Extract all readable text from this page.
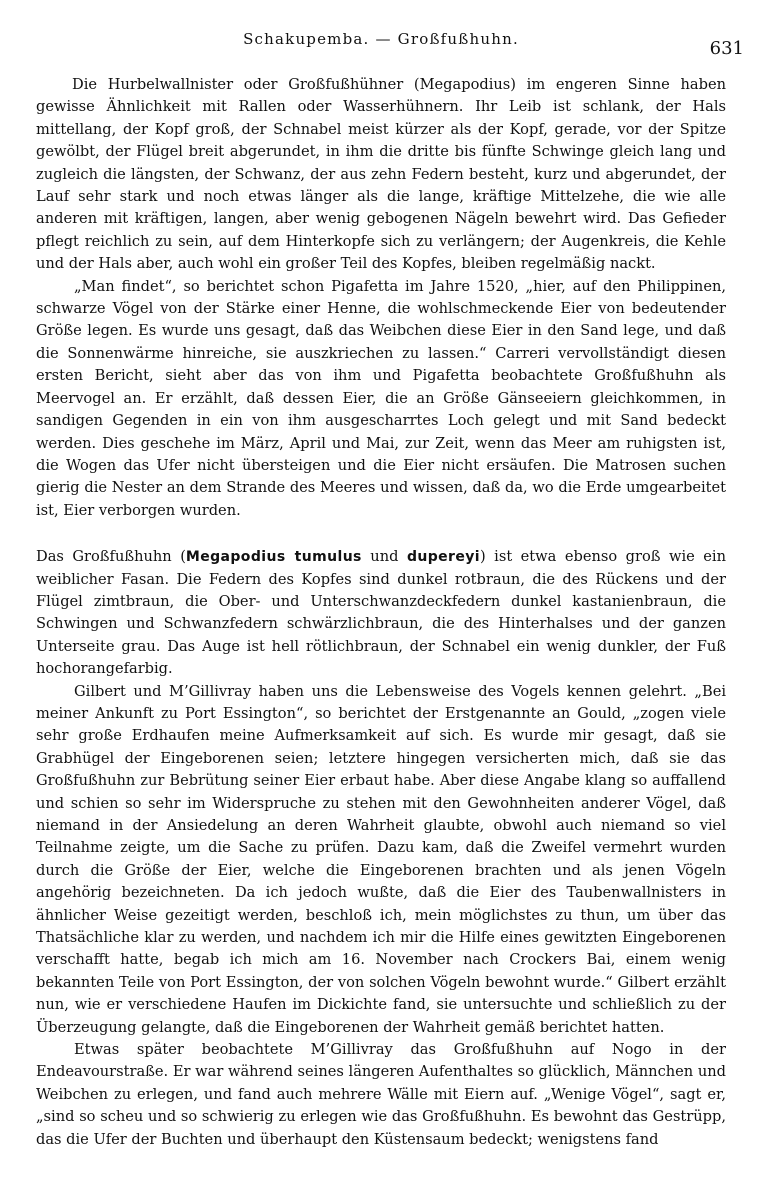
Schakupemba. — Großfußhuhn.	631

Die Hurbelwallnister oder Großfußhühner (Megapodius) im engeren Sinne haben gewisse Ähnlichkeit mit Rallen oder Wasserhühnern. Ihr Leib ist schlank, der Hals mittellang, der Kopf groß, der Schnabel meist kürzer als der Kopf, gerade, vor der Spitze gewölbt, der Flügel breit abgerundet, in ihm die dritte bis fünfte Schwinge gleich lang und zugleich die längsten, der Schwanz, der aus zehn Federn besteht, kurz und abgerundet, der Lauf sehr stark und noch etwas länger als die lange, kräftige Mittelzehe, die wie alle anderen mit kräftigen, langen, aber wenig gebogenen Nägeln bewehrt wird. Das Gefieder pflegt reichlich zu sein, auf dem Hinterkopfe sich zu verlängern; der Augenkreis, die Kehle und der Hals aber, auch wohl ein großer Teil des Kopfes, bleiben regelmäßig nackt.

„Man findet“, so berichtet schon Pigafetta im Jahre 1520, „hier, auf den Philippinen, schwarze Vögel von der Stärke einer Henne, die wohlschmeckende Eier von bedeutender Größe legen. Es wurde uns gesagt, daß das Weibchen diese Eier in den Sand lege, und daß die Sonnenwärme hinreiche, sie auszkriechen zu lassen.“ Carreri vervollständigt diesen ersten Bericht, sieht aber das von ihm und Pigafetta beobachtete Großfußhuhn als Meervogel an. Er erzählt, daß dessen Eier, die an Größe Gänseeiern gleichkommen, in sandigen Gegenden in ein von ihm ausgescharrtes Loch gelegt und mit Sand bedeckt werden. Dies geschehe im März, April und Mai, zur Zeit, wenn das Meer am ruhigsten ist, die Wogen das Ufer nicht übersteigen und die Eier nicht ersäufen. Die Matrosen suchen gierig die Nester an dem Strande des Meeres und wissen, daß da, wo die Erde umgearbeitet ist, Eier verborgen wurden.

Das Großfußhuhn (Megapodius tumulus und dupereyi) ist etwa ebenso groß wie ein weiblicher Fasan. Die Federn des Kopfes sind dunkel rotbraun, die des Rückens und der Flügel zimtbraun, die Ober- und Unterschwanzdeckfedern dunkel kastanienbraun, die Schwingen und Schwanzfedern schwärzlichbraun, die des Hinterhalses und der ganzen Unterseite grau. Das Auge ist hell rötlichbraun, der Schnabel ein wenig dunkler, der Fuß hochorangefarbig.

Gilbert und M’Gillivray haben uns die Lebensweise des Vogels kennen gelehrt. „Bei meiner Ankunft zu Port Essington“, so berichtet der Erstgenannte an Gould, „zogen viele sehr große Erdhaufen meine Aufmerksamkeit auf sich. Es wurde mir gesagt, daß sie Grabhügel der Eingeborenen seien; letztere hingegen versicherten mich, daß sie das Großfußhuhn zur Bebrütung seiner Eier erbaut habe. Aber diese Angabe klang so auffallend und schien so sehr im Widerspruche zu stehen mit den Gewohnheiten anderer Vögel, daß niemand in der Ansiedelung an deren Wahrheit glaubte, obwohl auch niemand so viel Teilnahme zeigte, um die Sache zu prüfen. Dazu kam, daß die Zweifel vermehrt wurden durch die Größe der Eier, welche die Eingeborenen brachten und als jenen Vögeln angehörig bezeichneten. Da ich jedoch wußte, daß die Eier des Taubenwallnisters in ähnlicher Weise gezeitigt werden, beschloß ich, mein möglichstes zu thun, um über das Thatsächliche klar zu werden, und nachdem ich mir die Hilfe eines gewitzten Eingeborenen verschafft hatte, begab ich mich am 16. November nach Crockers Bai, einem wenig bekannten Teile von Port Essington, der von solchen Vögeln bewohnt wurde.“ Gilbert erzählt nun, wie er verschiedene Haufen im Dickichte fand, sie untersuchte und schließlich zu der Überzeugung gelangte, daß die Eingeborenen der Wahrheit gemäß berichtet hatten.

Etwas später beobachtete M’Gillivray das Großfußhuhn auf Nogo in der Endeavourstraße. Er war während seines längeren Aufenthaltes so glücklich, Männchen und Weibchen zu erlegen, und fand auch mehrere Wälle mit Eiern auf. „Wenige Vögel“, sagt er, „sind so scheu und so schwierig zu erlegen wie das Großfußhuhn. Es bewohnt das Gestrüpp, das die Ufer der Buchten und überhaupt den Küstensaum bedeckt; wenigstens fand
